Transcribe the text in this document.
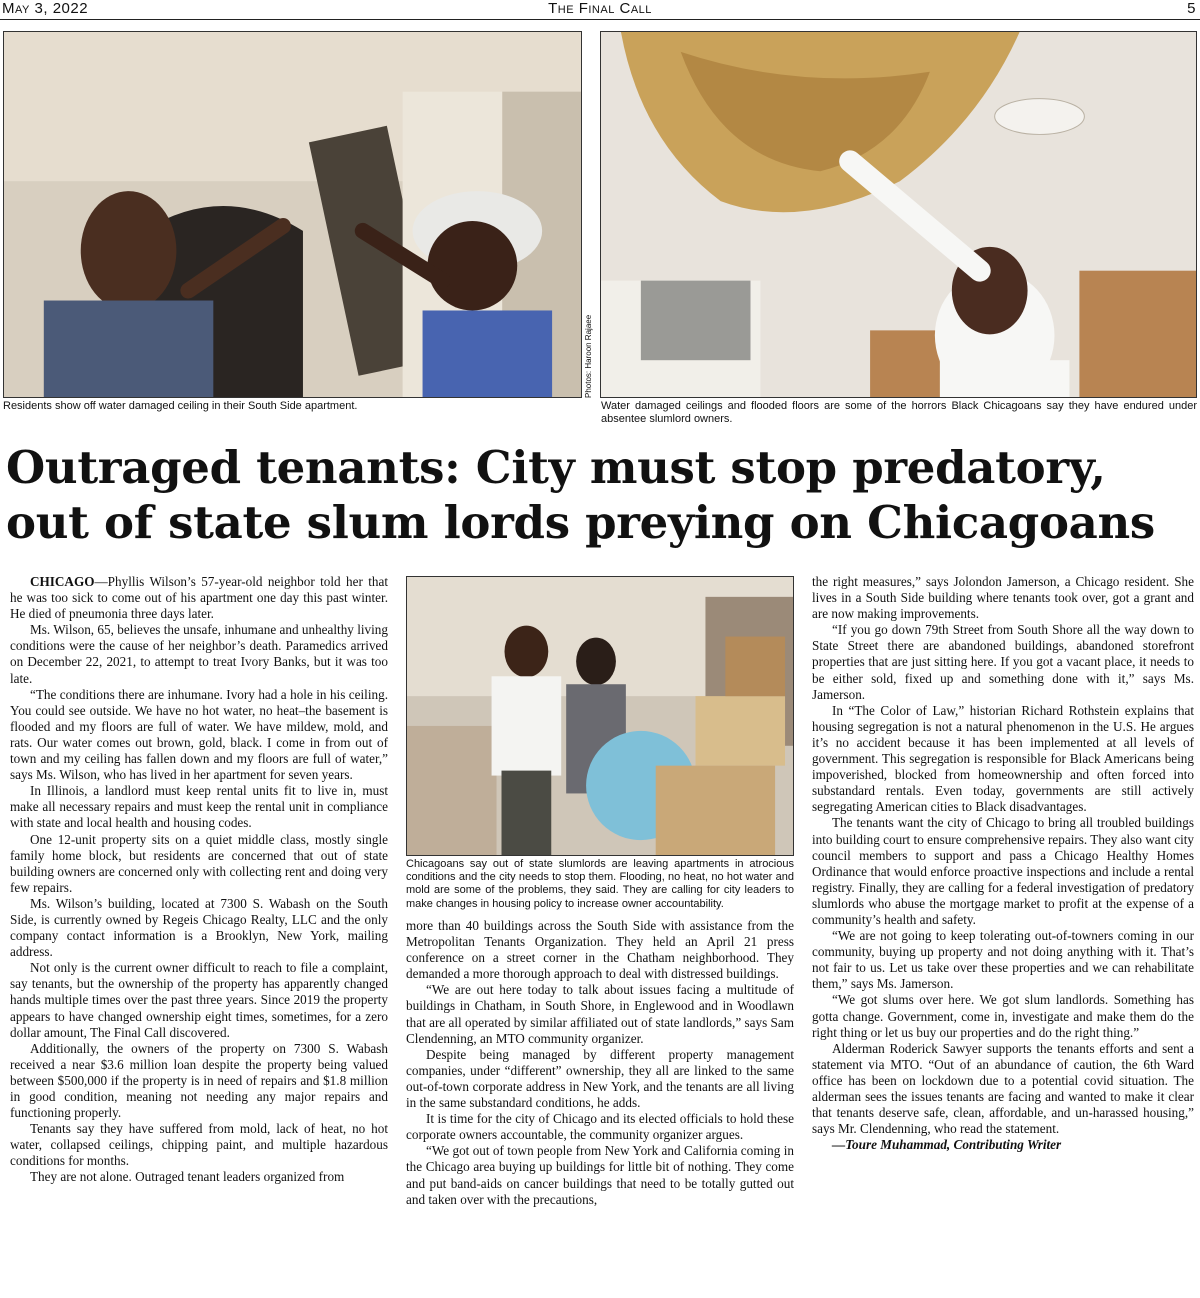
May 3, 2022	The Final Call	5
Photos: Haroon Rajaee
Residents show off water damaged ceiling in their South Side apartment.	Water damaged ceilings and flooded floors are some of the horrors Black Chicagoans say they have endured under absentee slumlord owners.
Outraged tenants: City must stop predatory,
out of state slum lords preying on Chicagoans

CHICAGO—Phyllis Wilson’s 57-year-old neighbor told her that he was too sick to come out of his apartment one day this past winter. He died of pneumonia three days later.

Ms. Wilson, 65, believes the unsafe, inhumane and unhealthy living conditions were the cause of her neighbor’s death. Paramedics arrived on December 22, 2021, to attempt to treat Ivory Banks, but it was too late.

“The conditions there are inhumane. Ivory had a hole in his ceiling. You could see outside. We have no hot water, no heat–the basement is flooded and my floors are full of water. We have mildew, mold, and rats. Our water comes out brown, gold, black. I come in from out of town and my ceiling has fallen down and my floors are full of water,” says Ms. Wilson, who has lived in her apartment for seven years.

In Illinois, a landlord must keep rental units fit to live in, must make all necessary repairs and must keep the rental unit in compliance with state and local health and housing codes.

One 12-unit property sits on a quiet middle class, mostly single family home block, but residents are concerned that out of state building owners are concerned only with collecting rent and doing very few repairs.

Ms. Wilson’s building, located at 7300 S. Wabash on the South Side, is currently owned by Regeis Chicago Realty, LLC and the only company contact information is a Brooklyn, New York, mailing address.

Not only is the current owner difficult to reach to file a complaint, say tenants, but the ownership of the property has apparently changed hands multiple times over the past three years. Since 2019 the property appears to have changed ownership eight times, sometimes, for a zero dollar amount, The Final Call discovered.

Additionally, the owners of the property on 7300 S. Wabash received a near $3.6 million loan despite the property being valued between $500,000 if the property is in need of repairs and $1.8 million in good condition, meaning not needing any major repairs and functioning properly.

Tenants say they have suffered from mold, lack of heat, no hot water, collapsed ceilings, chipping paint, and multiple hazardous conditions for months.

They are not alone. Outraged tenant leaders organized from

Chicagoans say out of state slumlords are leaving apartments in atrocious conditions and the city needs to stop them. Flooding, no heat, no hot water and mold are some of the problems, they said. They are calling for city leaders to make changes in housing policy to increase owner accountability.

more than 40 buildings across the South Side with assistance from the Metropolitan Tenants Organization. They held an April 21 press conference on a street corner in the Chatham neighborhood. They demanded a more thorough approach to deal with distressed buildings.

“We are out here today to talk about issues facing a multitude of buildings in Chatham, in South Shore, in Englewood and in Woodlawn that are all operated by similar affiliated out of state landlords,” says Sam Clendenning, an MTO community organizer.

Despite being managed by different property management companies, under “different” ownership, they all are linked to the same out-of-town corporate address in New York, and the tenants are all living in the same substandard conditions, he adds.

It is time for the city of Chicago and its elected officials to hold these corporate owners accountable, the community organizer argues.

“We got out of town people from New York and California coming in the Chicago area buying up buildings for little bit of nothing. They come and put band-aids on cancer buildings that need to be totally gutted out and taken over with the precautions,

the right measures,” says Jolondon Jamerson, a Chicago resident. She lives in a South Side building where tenants took over, got a grant and are now making improvements.

“If you go down 79th Street from South Shore all the way down to State Street there are abandoned buildings, abandoned storefront properties that are just sitting here. If you got a vacant place, it needs to be either sold, fixed up and something done with it,” says Ms. Jamerson.

In “The Color of Law,” historian Richard Rothstein explains that housing segregation is not a natural phenomenon in the U.S. He argues it’s no accident because it has been implemented at all levels of government. This segregation is responsible for Black Americans being impoverished, blocked from homeownership and often forced into substandard rentals. Even today, governments are still actively segregating American cities to Black disadvantages.

The tenants want the city of Chicago to bring all troubled buildings into building court to ensure comprehensive repairs. They also want city council members to support and pass a Chicago Healthy Homes Ordinance that would enforce proactive inspections and include a rental registry. Finally, they are calling for a federal investigation of predatory slumlords who abuse the mortgage market to profit at the expense of a community’s health and safety.

“We are not going to keep tolerating out-of-towners coming in our community, buying up property and not doing anything with it. That’s not fair to us. Let us take over these properties and we can rehabilitate them,” says Ms. Jamerson.

“We got slums over here. We got slum landlords. Something has gotta change. Government, come in, investigate and make them do the right thing or let us buy our properties and do the right thing.”

Alderman Roderick Sawyer supports the tenants efforts and sent a statement via MTO. “Out of an abundance of caution, the 6th Ward office has been on lockdown due to a potential covid situation. The alderman sees the issues tenants are facing and wanted to make it clear that tenants deserve safe, clean, affordable, and un-harassed housing,” says Mr. Clendenning, who read the statement.

—Toure Muhammad, Contributing Writer
